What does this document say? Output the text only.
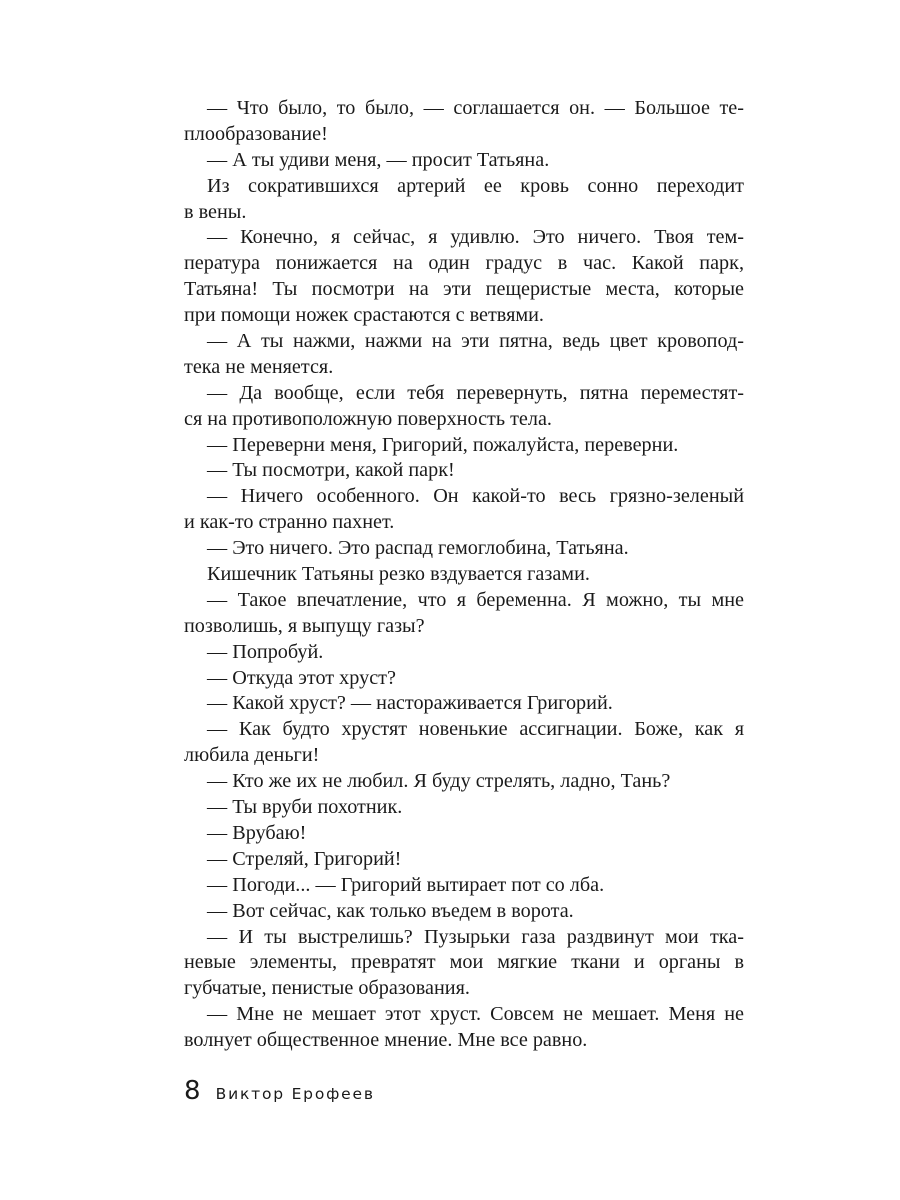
— Что было, то было, — соглашается он. — Большое те-
плообразование!
— А ты удиви меня, — просит Татьяна.
Из сократившихся артерий ее кровь сонно переходит
в вены.
— Конечно, я сейчас, я удивлю. Это ничего. Твоя тем-
пература понижается на один градус в час. Какой парк,
Татьяна! Ты посмотри на эти пещеристые места, которые
при помощи ножек срастаются с ветвями.
— А ты нажми, нажми на эти пятна, ведь цвет кровопод-
тека не меняется.
— Да вообще, если тебя перевернуть, пятна переместят-
ся на противоположную поверхность тела.
— Переверни меня, Григорий, пожалуйста, переверни.
— Ты посмотри, какой парк!
— Ничего особенного. Он какой-то весь грязно-зеленый
и как-то странно пахнет.
— Это ничего. Это распад гемоглобина, Татьяна.
Кишечник Татьяны резко вздувается газами.
— Такое впечатление, что я беременна. Я можно, ты мне
позволишь, я выпущу газы?
— Попробуй.
— Откуда этот хруст?
— Какой хруст? — настораживается Григорий.
— Как будто хрустят новенькие ассигнации. Боже, как я
любила деньги!
— Кто же их не любил. Я буду стрелять, ладно, Тань?
— Ты вруби похотник.
— Врубаю!
— Стреляй, Григорий!
— Погоди... — Григорий вытирает пот со лба.
— Вот сейчас, как только въедем в ворота.
— И ты выстрелишь? Пузырьки газа раздвинут мои тка-
невые элементы, превратят мои мягкие ткани и органы в
губчатые, пенистые образования.
— Мне не мешает этот хруст. Совсем не мешает. Меня не
волнует общественное мнение. Мне все равно.
8 Виктор Ерофеев
